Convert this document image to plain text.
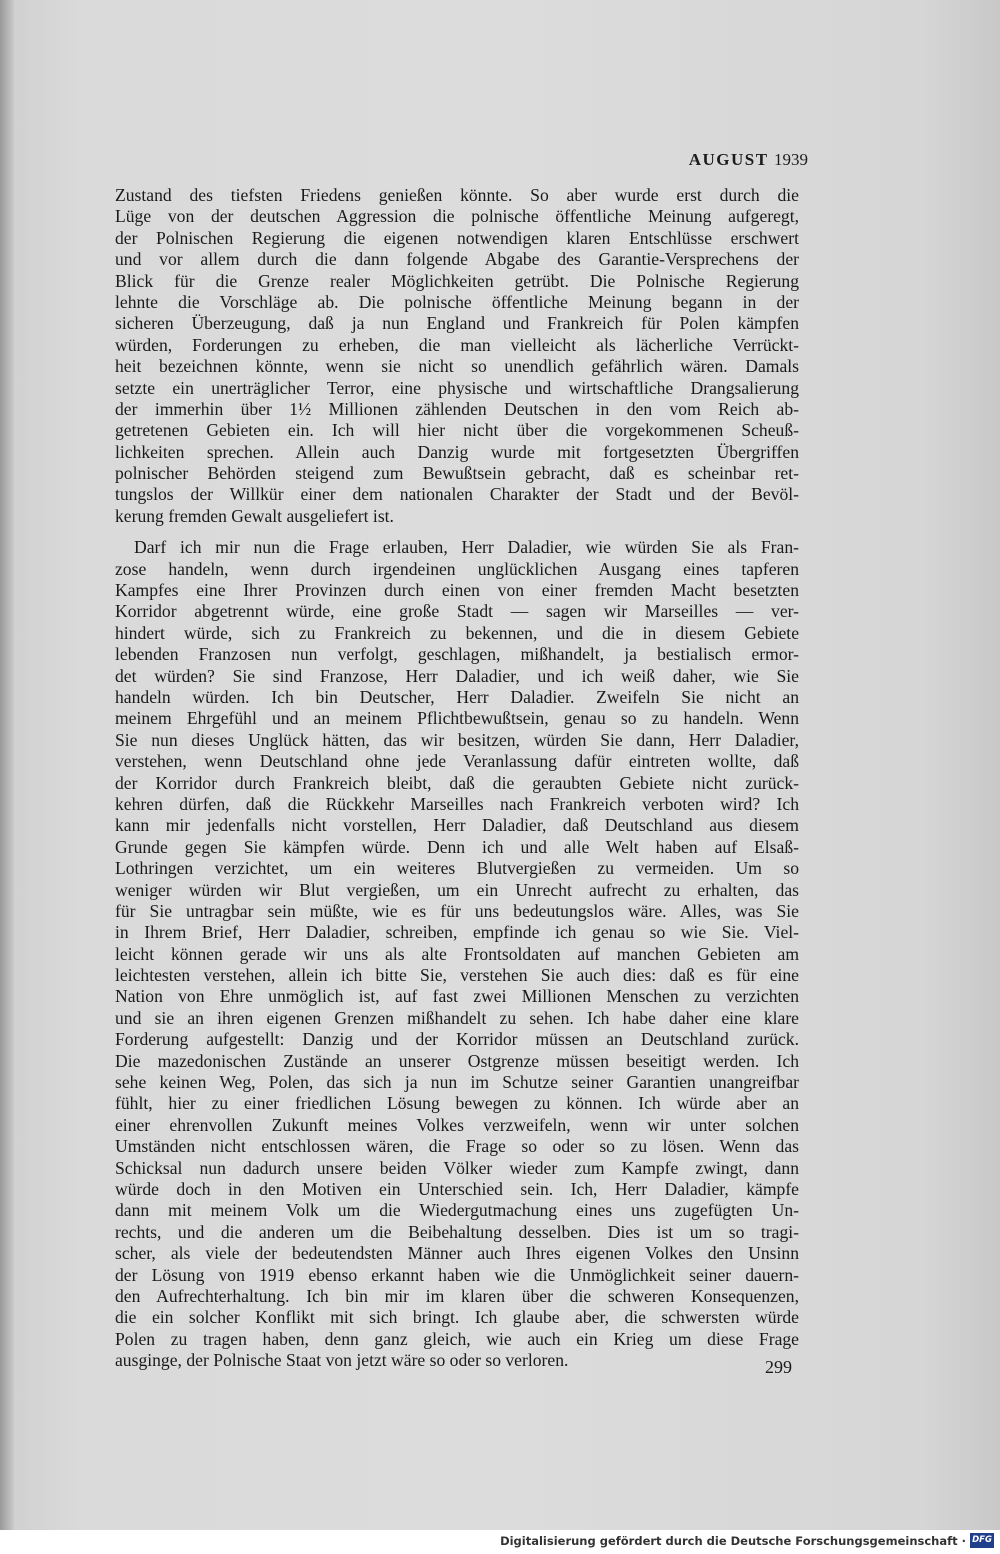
AUGUST 1939
Zustand des tiefsten Friedens genießen könnte. So aber wurde erst durch die
Lüge von der deutschen Aggression die polnische öffentliche Meinung aufgeregt,
der Polnischen Regierung die eigenen notwendigen klaren Entschlüsse erschwert
und vor allem durch die dann folgende Abgabe des Garantie-Versprechens der
Blick für die Grenze realer Möglichkeiten getrübt. Die Polnische Regierung
lehnte die Vorschläge ab. Die polnische öffentliche Meinung begann in der
sicheren Überzeugung, daß ja nun England und Frankreich für Polen kämpfen
würden, Forderungen zu erheben, die man vielleicht als lächerliche Verrückt-
heit bezeichnen könnte, wenn sie nicht so unendlich gefährlich wären. Damals
setzte ein unerträglicher Terror, eine physische und wirtschaftliche Drangsalierung
der immerhin über 1½ Millionen zählenden Deutschen in den vom Reich ab-
getretenen Gebieten ein. Ich will hier nicht über die vorgekommenen Scheuß-
lichkeiten sprechen. Allein auch Danzig wurde mit fortgesetzten Übergriffen
polnischer Behörden steigend zum Bewußtsein gebracht, daß es scheinbar ret-
tungslos der Willkür einer dem nationalen Charakter der Stadt und der Bevöl-
kerung fremden Gewalt ausgeliefert ist.
Darf ich mir nun die Frage erlauben, Herr Daladier, wie würden Sie als Fran-
zose handeln, wenn durch irgendeinen unglücklichen Ausgang eines tapferen
Kampfes eine Ihrer Provinzen durch einen von einer fremden Macht besetzten
Korridor abgetrennt würde, eine große Stadt — sagen wir Marseilles — ver-
hindert würde, sich zu Frankreich zu bekennen, und die in diesem Gebiete
lebenden Franzosen nun verfolgt, geschlagen, mißhandelt, ja bestialisch ermor-
det würden? Sie sind Franzose, Herr Daladier, und ich weiß daher, wie Sie
handeln würden. Ich bin Deutscher, Herr Daladier. Zweifeln Sie nicht an
meinem Ehrgefühl und an meinem Pflichtbewußtsein, genau so zu handeln. Wenn
Sie nun dieses Unglück hätten, das wir besitzen, würden Sie dann, Herr Daladier,
verstehen, wenn Deutschland ohne jede Veranlassung dafür eintreten wollte, daß
der Korridor durch Frankreich bleibt, daß die geraubten Gebiete nicht zurück-
kehren dürfen, daß die Rückkehr Marseilles nach Frankreich verboten wird? Ich
kann mir jedenfalls nicht vorstellen, Herr Daladier, daß Deutschland aus diesem
Grunde gegen Sie kämpfen würde. Denn ich und alle Welt haben auf Elsaß-
Lothringen verzichtet, um ein weiteres Blutvergießen zu vermeiden. Um so
weniger würden wir Blut vergießen, um ein Unrecht aufrecht zu erhalten, das
für Sie untragbar sein müßte, wie es für uns bedeutungslos wäre. Alles, was Sie
in Ihrem Brief, Herr Daladier, schreiben, empfinde ich genau so wie Sie. Viel-
leicht können gerade wir uns als alte Frontsoldaten auf manchen Gebieten am
leichtesten verstehen, allein ich bitte Sie, verstehen Sie auch dies: daß es für eine
Nation von Ehre unmöglich ist, auf fast zwei Millionen Menschen zu verzichten
und sie an ihren eigenen Grenzen mißhandelt zu sehen. Ich habe daher eine klare
Forderung aufgestellt: Danzig und der Korridor müssen an Deutschland zurück.
Die mazedonischen Zustände an unserer Ostgrenze müssen beseitigt werden. Ich
sehe keinen Weg, Polen, das sich ja nun im Schutze seiner Garantien unangreifbar
fühlt, hier zu einer friedlichen Lösung bewegen zu können. Ich würde aber an
einer ehrenvollen Zukunft meines Volkes verzweifeln, wenn wir unter solchen
Umständen nicht entschlossen wären, die Frage so oder so zu lösen. Wenn das
Schicksal nun dadurch unsere beiden Völker wieder zum Kampfe zwingt, dann
würde doch in den Motiven ein Unterschied sein. Ich, Herr Daladier, kämpfe
dann mit meinem Volk um die Wiedergutmachung eines uns zugefügten Un-
rechts, und die anderen um die Beibehaltung desselben. Dies ist um so tragi-
scher, als viele der bedeutendsten Männer auch Ihres eigenen Volkes den Unsinn
der Lösung von 1919 ebenso erkannt haben wie die Unmöglichkeit seiner dauern-
den Aufrechterhaltung. Ich bin mir im klaren über die schweren Konsequenzen,
die ein solcher Konflikt mit sich bringt. Ich glaube aber, die schwersten würde
Polen zu tragen haben, denn ganz gleich, wie auch ein Krieg um diese Frage
ausginge, der Polnische Staat von jetzt wäre so oder so verloren.	299
Digitalisierung gefördert durch die Deutsche Forschungsgemeinschaft · DFG
